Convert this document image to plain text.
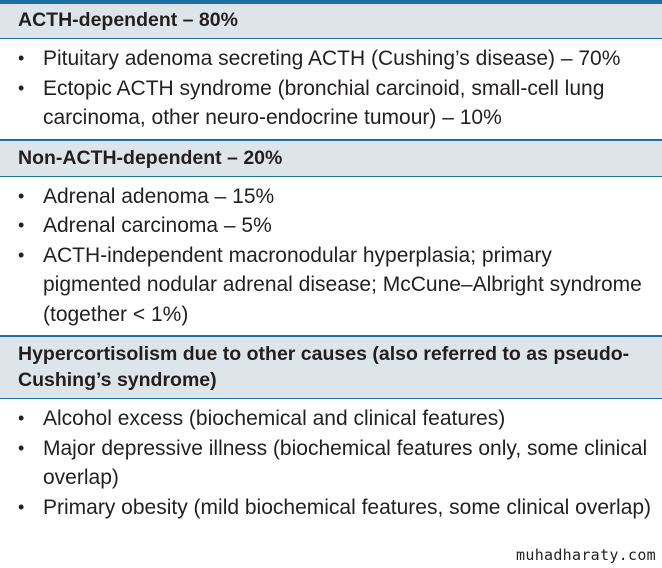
ACTH-dependent – 80%
• Pituitary adenoma secreting ACTH (Cushing’s disease) – 70%
• Ectopic ACTH syndrome (bronchial carcinoid, small-cell lung carcinoma, other neuro-endocrine tumour) – 10%
Non-ACTH-dependent – 20%
• Adrenal adenoma – 15%
• Adrenal carcinoma – 5%
• ACTH-independent macronodular hyperplasia; primary pigmented nodular adrenal disease; McCune–Albright syndrome (together < 1%)
Hypercortisolism due to other causes (also referred to as pseudo-Cushing’s syndrome)
• Alcohol excess (biochemical and clinical features)
• Major depressive illness (biochemical features only, some clinical overlap)
• Primary obesity (mild biochemical features, some clinical overlap)
muhadharaty.com
